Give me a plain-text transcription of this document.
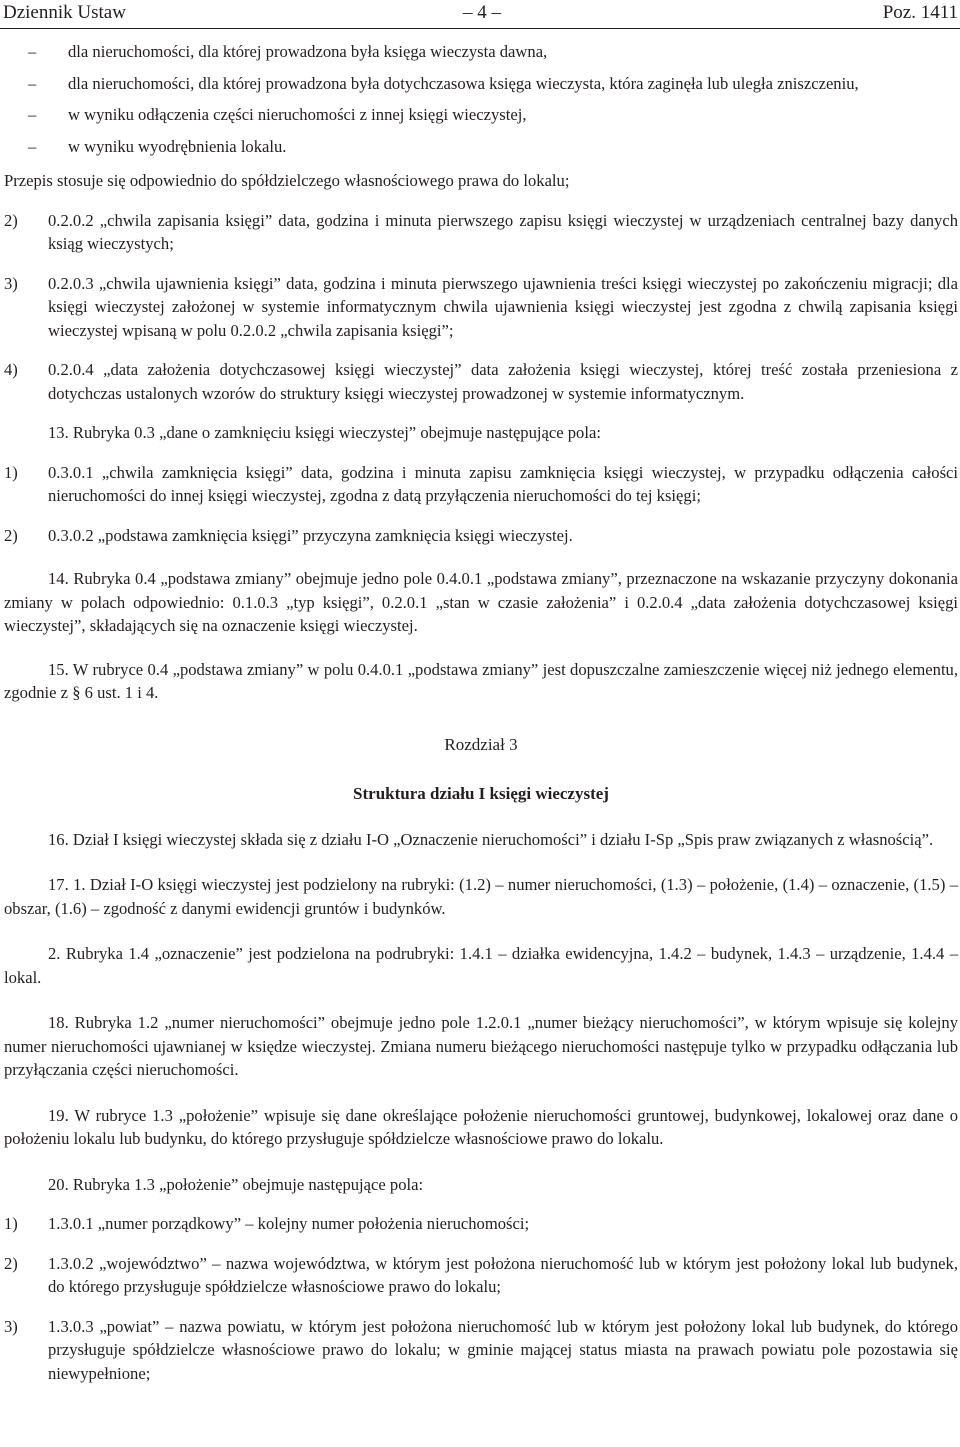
Dziennik Ustaw	– 4 –	Poz. 1411
– dla nieruchomości, dla której prowadzona była księga wieczysta dawna,
– dla nieruchomości, dla której prowadzona była dotychczasowa księga wieczysta, która zaginęła lub uległa zniszczeniu,
– w wyniku odłączenia części nieruchomości z innej księgi wieczystej,
– w wyniku wyodrębnienia lokalu.

Przepis stosuje się odpowiednio do spółdzielczego własnościowego prawa do lokalu;

2) 0.2.0.2 „chwila zapisania księgi” data, godzina i minuta pierwszego zapisu księgi wieczystej w urządzeniach centralnej bazy danych ksiąg wieczystych;
3) 0.2.0.3 „chwila ujawnienia księgi” data, godzina i minuta pierwszego ujawnienia treści księgi wieczystej po zakończeniu migracji; dla księgi wieczystej założonej w systemie informatycznym chwila ujawnienia księgi wieczystej jest zgodna z chwilą zapisania księgi wieczystej wpisaną w polu 0.2.0.2 „chwila zapisania księgi”;
4) 0.2.0.4 „data założenia dotychczasowej księgi wieczystej” data założenia księgi wieczystej, której treść została przeniesiona z dotychczas ustalonych wzorów do struktury księgi wieczystej prowadzonej w systemie informatycznym.

13. Rubryka 0.3 „dane o zamknięciu księgi wieczystej” obejmuje następujące pola:

1) 0.3.0.1 „chwila zamknięcia księgi” data, godzina i minuta zapisu zamknięcia księgi wieczystej, w przypadku odłączenia całości nieruchomości do innej księgi wieczystej, zgodna z datą przyłączenia nieruchomości do tej księgi;
2) 0.3.0.2 „podstawa zamknięcia księgi” przyczyna zamknięcia księgi wieczystej.

14. Rubryka 0.4 „podstawa zmiany” obejmuje jedno pole 0.4.0.1 „podstawa zmiany”, przeznaczone na wskazanie przyczyny dokonania zmiany w polach odpowiednio: 0.1.0.3 „typ księgi”, 0.2.0.1 „stan w czasie założenia” i 0.2.0.4 „data założenia dotychczasowej księgi wieczystej”, składających się na oznaczenie księgi wieczystej.

15. W rubryce 0.4 „podstawa zmiany” w polu 0.4.0.1 „podstawa zmiany” jest dopuszczalne zamieszczenie więcej niż jednego elementu, zgodnie z § 6 ust. 1 i 4.

Rozdział 3
Struktura działu I księgi wieczystej

16. Dział I księgi wieczystej składa się z działu I-O „Oznaczenie nieruchomości” i działu I-Sp „Spis praw związanych z własnością”.

17. 1. Dział I-O księgi wieczystej jest podzielony na rubryki: (1.2) – numer nieruchomości, (1.3) – położenie, (1.4) – oznaczenie, (1.5) – obszar, (1.6) – zgodność z danymi ewidencji gruntów i budynków.

2. Rubryka 1.4 „oznaczenie” jest podzielona na podrubryki: 1.4.1 – działka ewidencyjna, 1.4.2 – budynek, 1.4.3 – urządzenie, 1.4.4 – lokal.

18. Rubryka 1.2 „numer nieruchomości” obejmuje jedno pole 1.2.0.1 „numer bieżący nieruchomości”, w którym wpisuje się kolejny numer nieruchomości ujawnianej w księdze wieczystej. Zmiana numeru bieżącego nieruchomości następuje tylko w przypadku odłączania lub przyłączania części nieruchomości.

19. W rubryce 1.3 „położenie” wpisuje się dane określające położenie nieruchomości gruntowej, budynkowej, lokalowej oraz dane o położeniu lokalu lub budynku, do którego przysługuje spółdzielcze własnościowe prawo do lokalu.

20. Rubryka 1.3 „położenie” obejmuje następujące pola:

1) 1.3.0.1 „numer porządkowy” – kolejny numer położenia nieruchomości;
2) 1.3.0.2 „województwo” – nazwa województwa, w którym jest położona nieruchomość lub w którym jest położony lokal lub budynek, do którego przysługuje spółdzielcze własnościowe prawo do lokalu;
3) 1.3.0.3 „powiat” – nazwa powiatu, w którym jest położona nieruchomość lub w którym jest położony lokal lub budynek, do którego przysługuje spółdzielcze własnościowe prawo do lokalu; w gminie mającej status miasta na prawach powiatu pole pozostawia się niewypełnione;
